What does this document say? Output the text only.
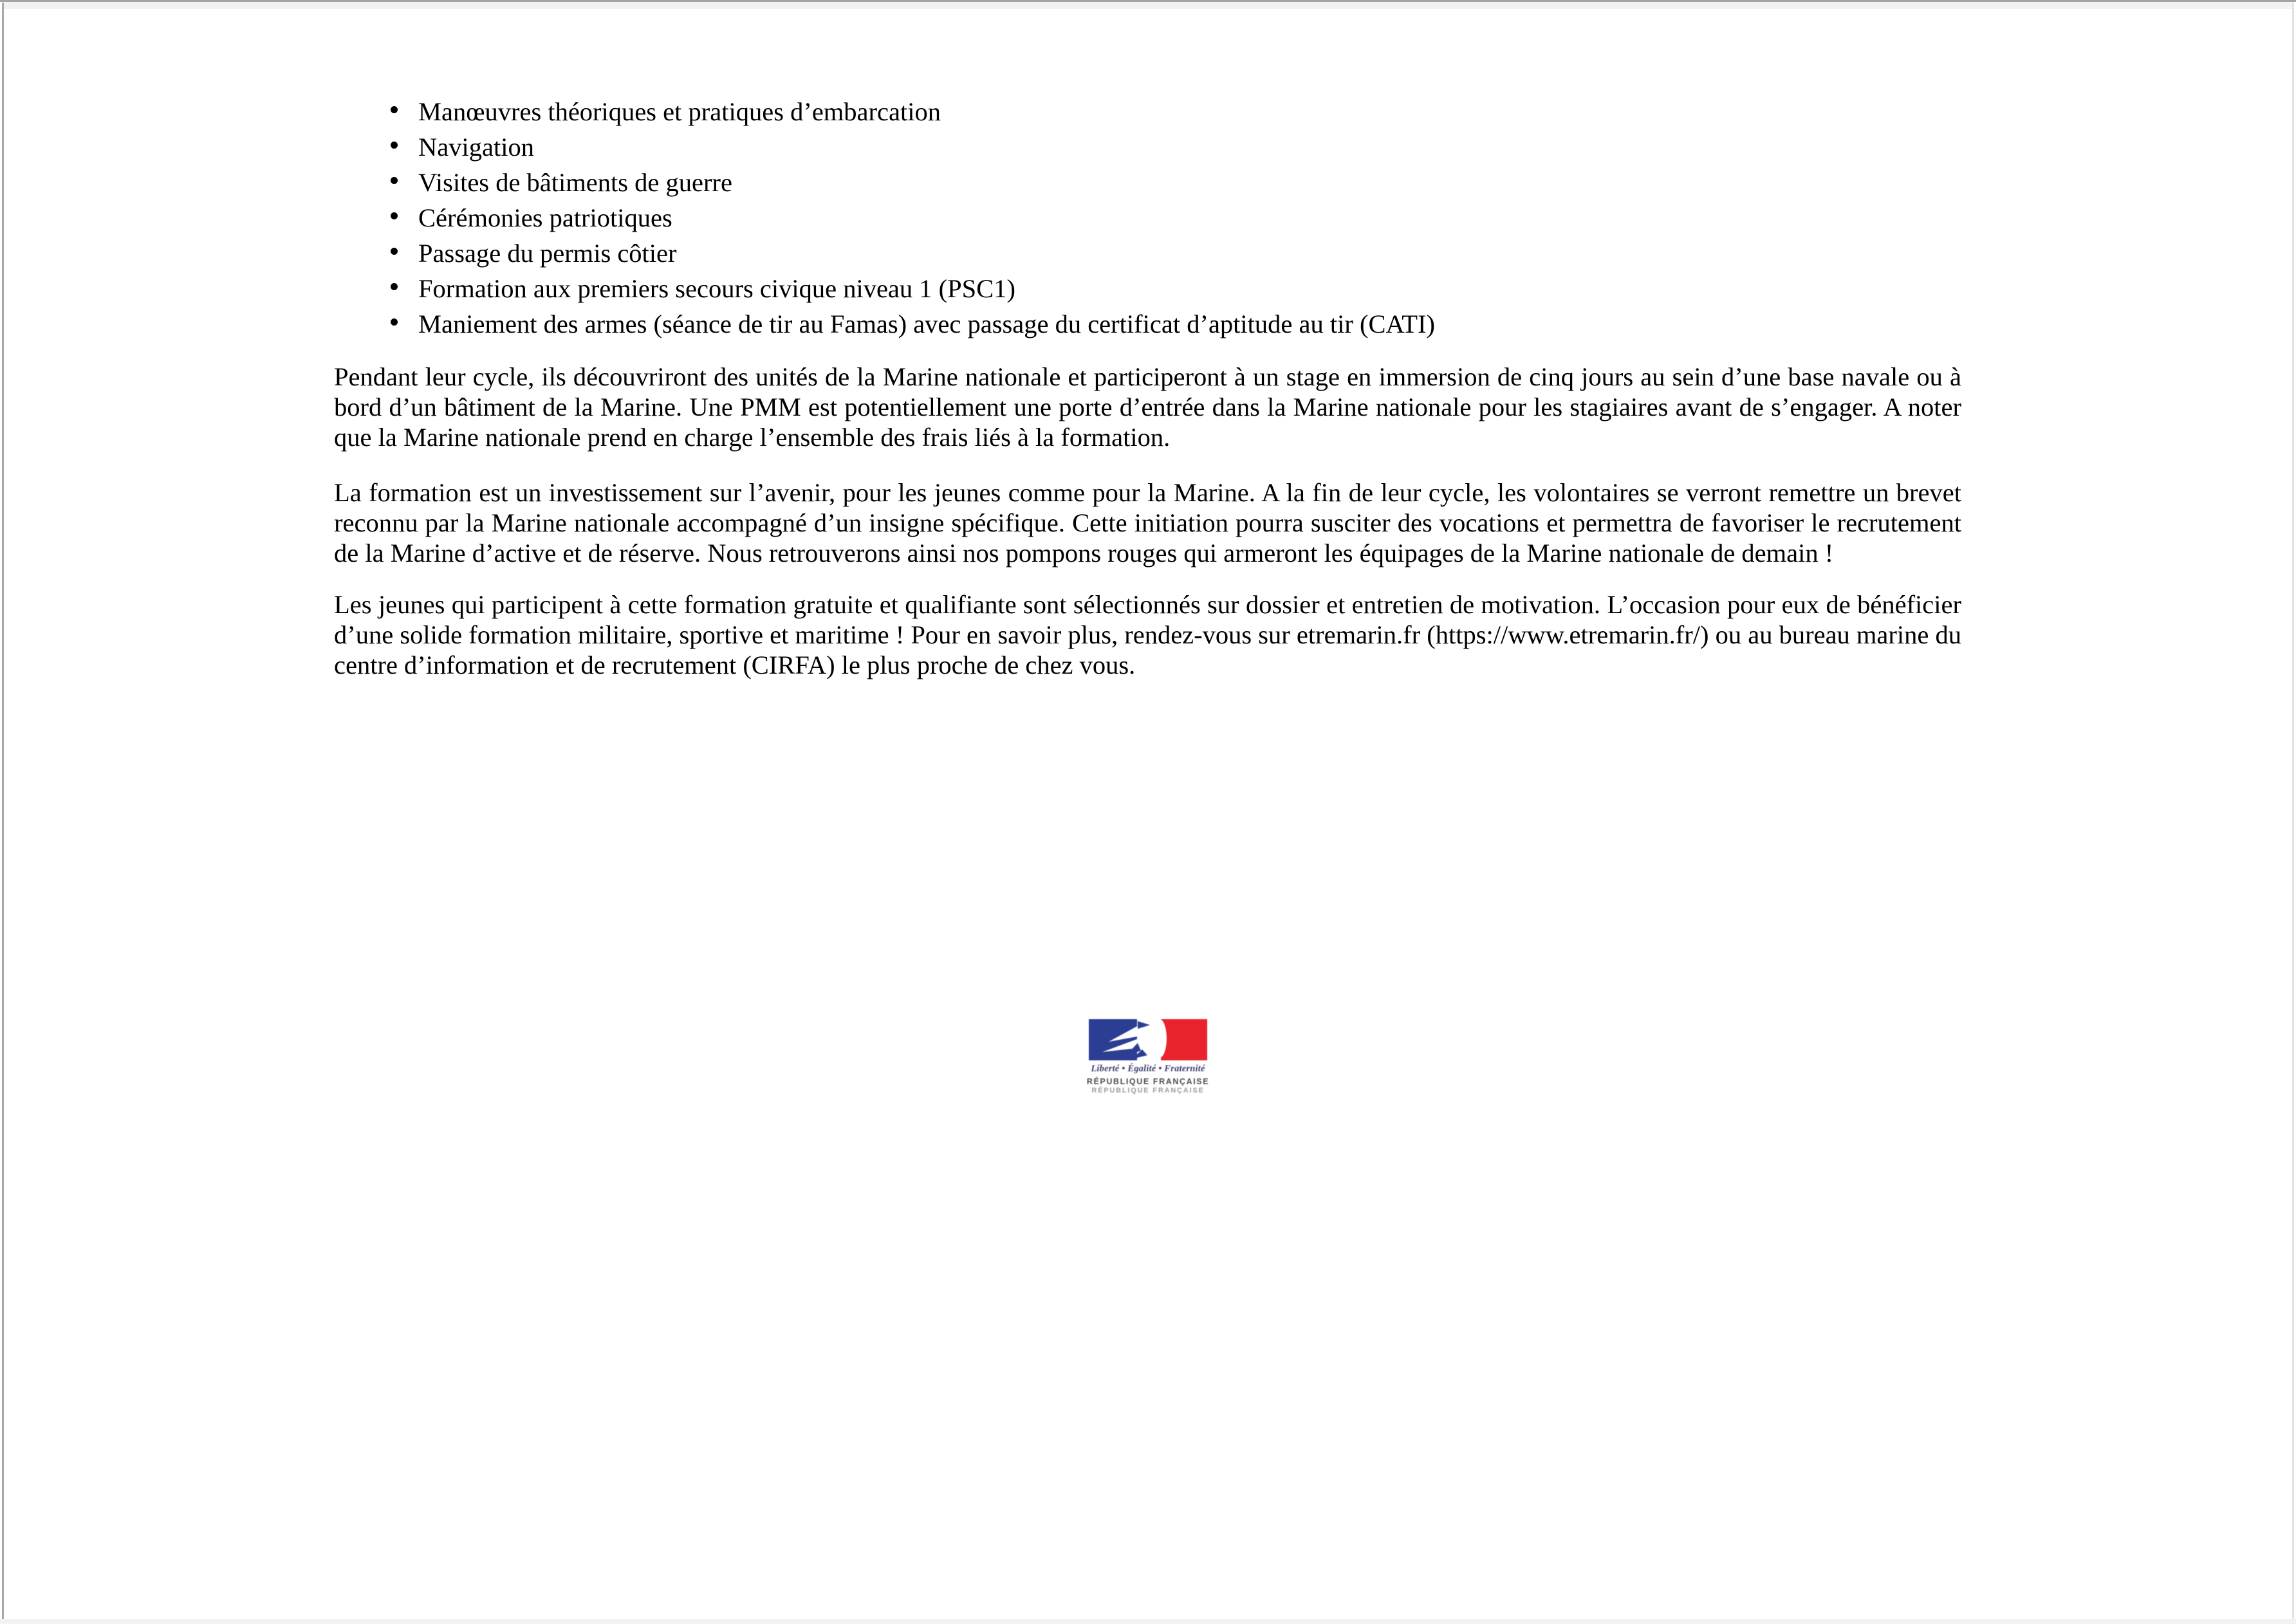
Manœuvres théoriques et pratiques d’embarcation
Navigation
Visites de bâtiments de guerre
Cérémonies patriotiques
Passage du permis côtier
Formation aux premiers secours civique niveau 1 (PSC1)
Maniement des armes (séance de tir au Famas) avec passage du certificat d’aptitude au tir (CATI)

Pendant leur cycle, ils découvriront des unités de la Marine nationale et participeront à un stage en immersion de cinq jours au sein d’une base navale ou à bord d’un bâtiment de la Marine. Une PMM est potentiellement une porte d’entrée dans la Marine nationale pour les stagiaires avant de s’engager. A noter que la Marine nationale prend en charge l’ensemble des frais liés à la formation.

La formation est un investissement sur l’avenir, pour les jeunes comme pour la Marine. A la fin de leur cycle, les volontaires se verront remettre un brevet reconnu par la Marine nationale accompagné d’un insigne spécifique. Cette initiation pourra susciter des vocations et permettra de favoriser le recrutement de la Marine d’active et de réserve. Nous retrouverons ainsi nos pompons rouges qui armeront les équipages de la Marine nationale de demain !

Les jeunes qui participent à cette formation gratuite et qualifiante sont sélectionnés sur dossier et entretien de motivation. L’occasion pour eux de bénéficier d’une solide formation militaire, sportive et maritime ! Pour en savoir plus, rendez-vous sur etremarin.fr (https://www.etremarin.fr/) ou au bureau marine du centre d’information et de recrutement (CIRFA) le plus proche de chez vous.

Liberté • Égalité • Fraternité
RÉPUBLIQUE FRANÇAISE
RÉPUBLIQUE FRANÇAISE
